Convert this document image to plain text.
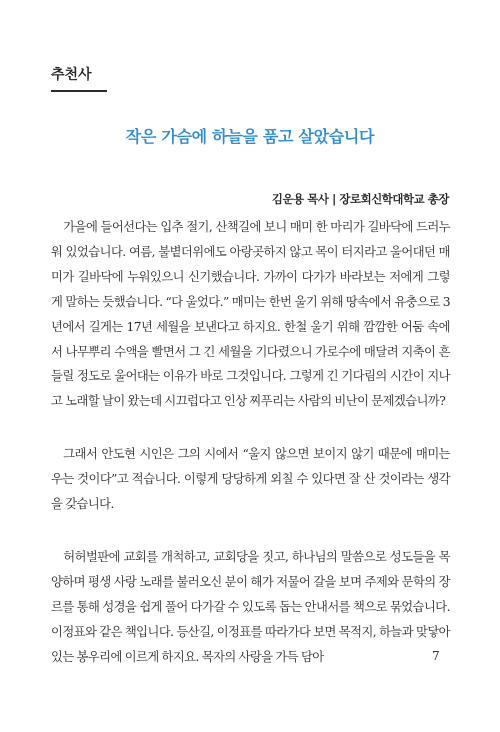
추천사
작은 가슴에 하늘을 품고 살았습니다
김운용 목사 | 장로회신학대학교 총장

가을에 들어선다는 입추 절기, 산책길에 보니 매미 한 마리가 길바닥에 드러누워 있었습니다. 여름, 불볕더위에도 아랑곳하지 않고 목이 터지라고 울어대던 매미가 길바닥에 누워있으니 신기했습니다. 가까이 다가가 바라보는 저에게 그렇게 말하는 듯했습니다. “다 울었다.” 매미는 한번 울기 위해 땅속에서 유충으로 3년에서 길게는 17년 세월을 보낸다고 하지요. 한철 울기 위해 깜깜한 어둠 속에서 나무뿌리 수액을 빨면서 그 긴 세월을 기다렸으니 가로수에 매달려 지축이 흔들릴 정도로 울어대는 이유가 바로 그것입니다. 그렇게 긴 기다림의 시간이 지나고 노래할 날이 왔는데 시끄럽다고 인상 찌푸리는 사람의 비난이 문제겠습니까?

그래서 안도현 시인은 그의 시에서 “울지 않으면 보이지 않기 때문에 매미는 우는 것이다”고 적습니다. 이렇게 당당하게 외칠 수 있다면 잘 산 것이라는 생각을 갖습니다.

허허벌판에 교회를 개척하고, 교회당을 짓고, 하나님의 말씀으로 성도들을 목양하며 평생 사랑 노래를 불러오신 분이 해가 저물어 갈을 보며 주제와 문학의 장르를 통해 성경을 쉽게 풀어 다가갈 수 있도록 돕는 안내서를 책으로 묶었습니다. 이정표와 같은 책입니다. 등산길, 이정표를 따라가다 보면 목적지, 하늘과 맞닿아있는 봉우리에 이르게 하지요. 목자의 사랑을 가득 담아	7
